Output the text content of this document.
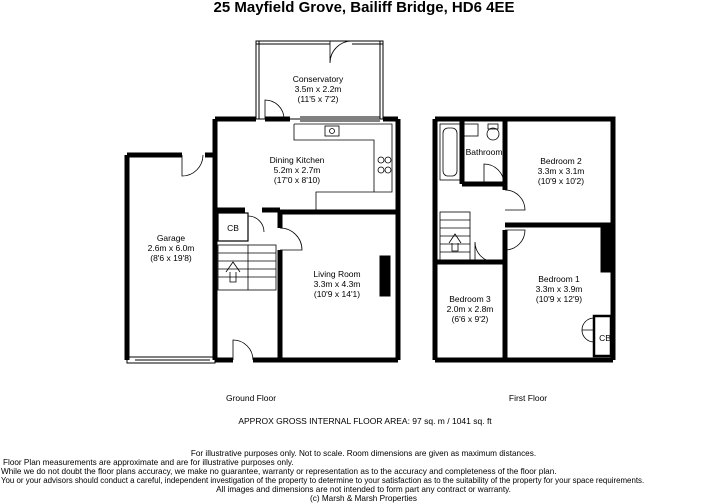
25 Mayfield Grove, Bailiff Bridge, HD6 4EE
Conservatory
3.5m x 2.2m
(11'5 x 7'2)
Dining Kitchen
5.2m x 2.7m
(17'0 x 8'10)
Garage
2.6m x 6.0m
(8'6 x 19'8)
Living Room
3.3m x 4.3m
(10'9 x 14'1)
CB
Ground Floor
Bathroom
Bedroom 2
3.3m x 3.1m
(10'9 x 10'2)
Bedroom 1
3.3m x 3.9m
(10'9 x 12'9)
Bedroom 3
2.0m x 2.8m
(6'6 x 9'2)
CB
First Floor
APPROX GROSS INTERNAL FLOOR AREA: 97 sq. m / 1041 sq. ft
For illustrative purposes only. Not to scale. Room dimensions are given as maximum distances.
Floor Plan measurements are approximate and are for illustrative purposes only.
While we do not doubt the floor plans accuracy, we make no guarantee, warranty or representation as to the accuracy and completeness of the floor plan.
You or your advisors should conduct a careful, independent investigation of the property to determine to your satisfaction as to the suitability of the property for your space requirements.
All images and dimensions are not intended to form part any contract or warranty.
(c) Marsh & Marsh Properties
